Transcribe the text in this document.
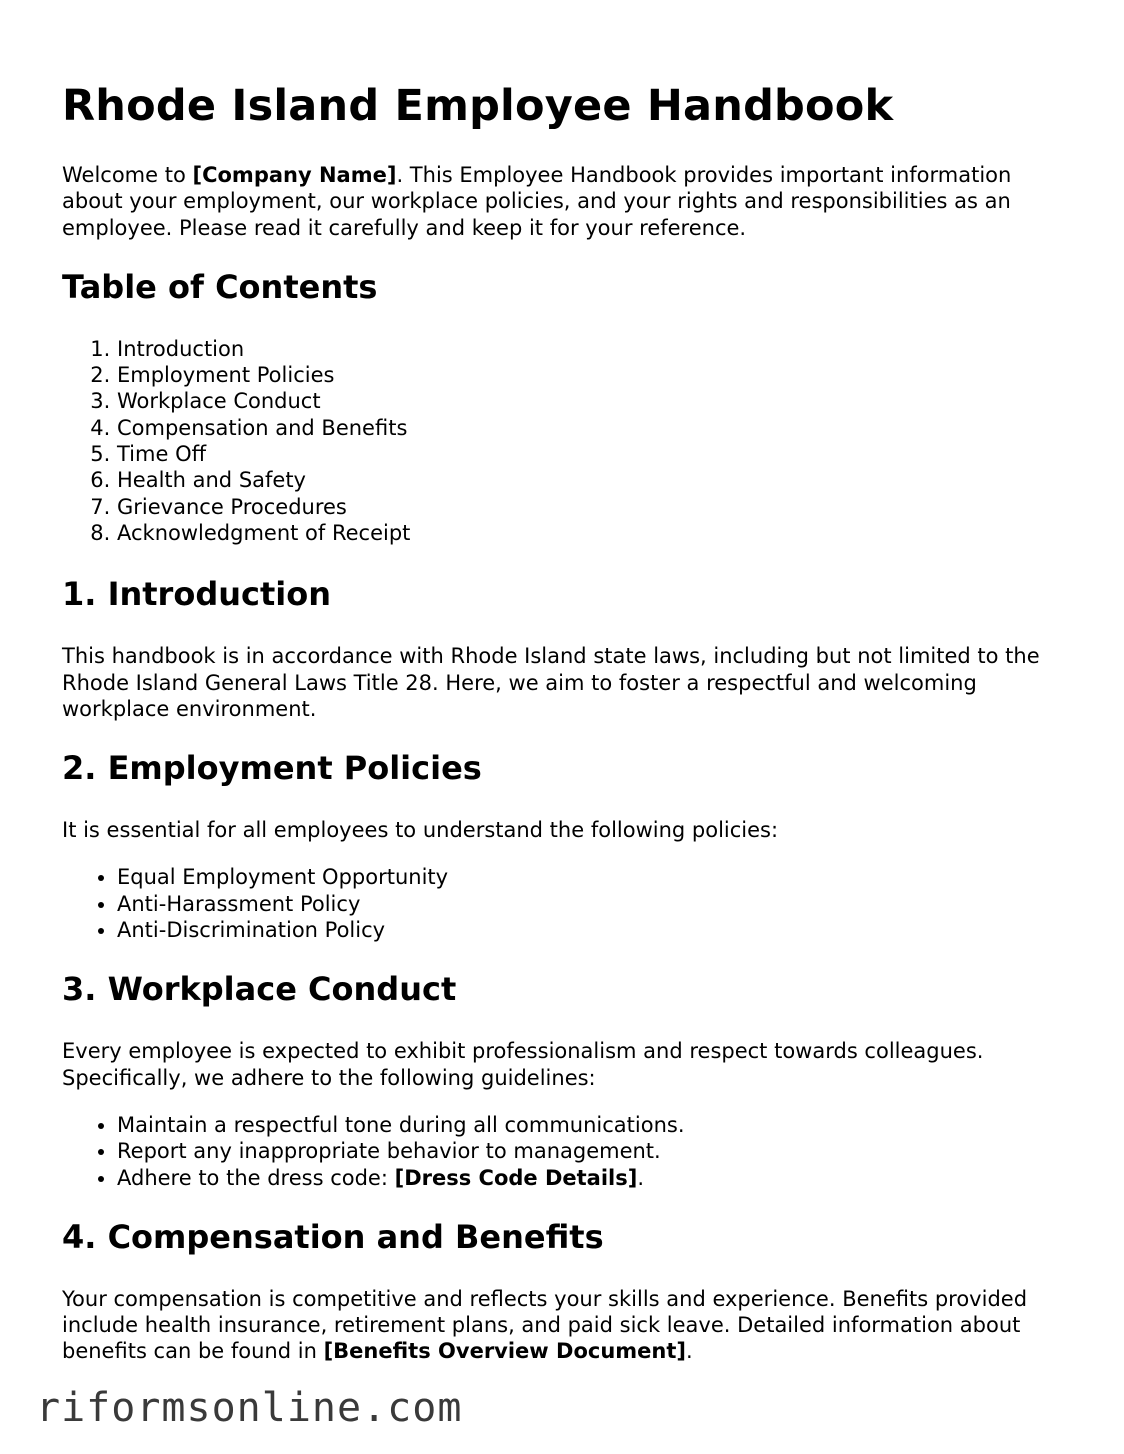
Rhode Island Employee Handbook

Welcome to [Company Name]. This Employee Handbook provides important information about your employment, our workplace policies, and your rights and responsibilities as an employee. Please read it carefully and keep it for your reference.

Table of Contents
1. Introduction
2. Employment Policies
3. Workplace Conduct
4. Compensation and Benefits
5. Time Off
6. Health and Safety
7. Grievance Procedures
8. Acknowledgment of Receipt
1. Introduction

This handbook is in accordance with Rhode Island state laws, including but not limited to the Rhode Island General Laws Title 28. Here, we aim to foster a respectful and welcoming workplace environment.

2. Employment Policies

It is essential for all employees to understand the following policies:

• Equal Employment Opportunity
• Anti-Harassment Policy
• Anti-Discrimination Policy
3. Workplace Conduct

Every employee is expected to exhibit professionalism and respect towards colleagues. Specifically, we adhere to the following guidelines:

• Maintain a respectful tone during all communications.
• Report any inappropriate behavior to management.
• Adhere to the dress code: [Dress Code Details].
4. Compensation and Benefits

Your compensation is competitive and reflects your skills and experience. Benefits provided include health insurance, retirement plans, and paid sick leave. Detailed information about benefits can be found in [Benefits Overview Document].

riformsonline.com
